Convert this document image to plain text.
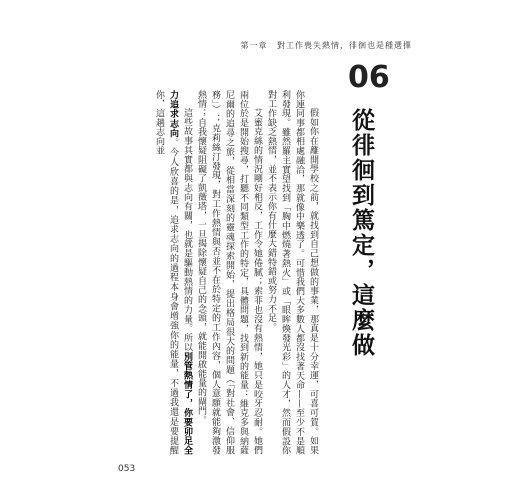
第一章 對工作喪失熱情，徘徊也是種選擇
06
從徘徊到篤定，這麼做

假如你在離開學校之前，就找到自己想做的事業，那真是十分幸運，可喜可賀。如果你連同事都相處融洽，那就像中樂透了。可惜我們大多數人都沒找著天命——至少不是順利發現。雖然羅主實望找到「胸中燃燒著熱火」或「眼眸煥發光彩」的人才，然而假設你對工作缺乏熱情，並不表示你有什麼大錯特錯或努力不足。

艾蜜克絲的情況剛好相反，工作令她倦膩；索菲也沒有熱情，她只是咬牙忍耐。她們兩位於是開始搜尋，打聽不同類型工作的特定，具體問題，找到新的能量：維克多與納薩尼爾的追尋之旅，從相當深刻的靈魂探索開始，提出格局很大的問題（「對社會、信仰服務」）；克莉絲汀發現，對工作熱情與否並不在於特定的工作內容，個人意願就能夠激發熱情；自我懷疑阻礙了凱薇塔，一旦揭除懷疑自己的念頭，就能開啟能量的閘門。

這些故事其實都與志向有關，也就是驅動熱情的力量。所以別管熱情了，你要卯足全力追求志向。今人欣喜的是，追求志向的過程本身會增強你的能量，不過我還是要提醒你，這趟志向並

053
